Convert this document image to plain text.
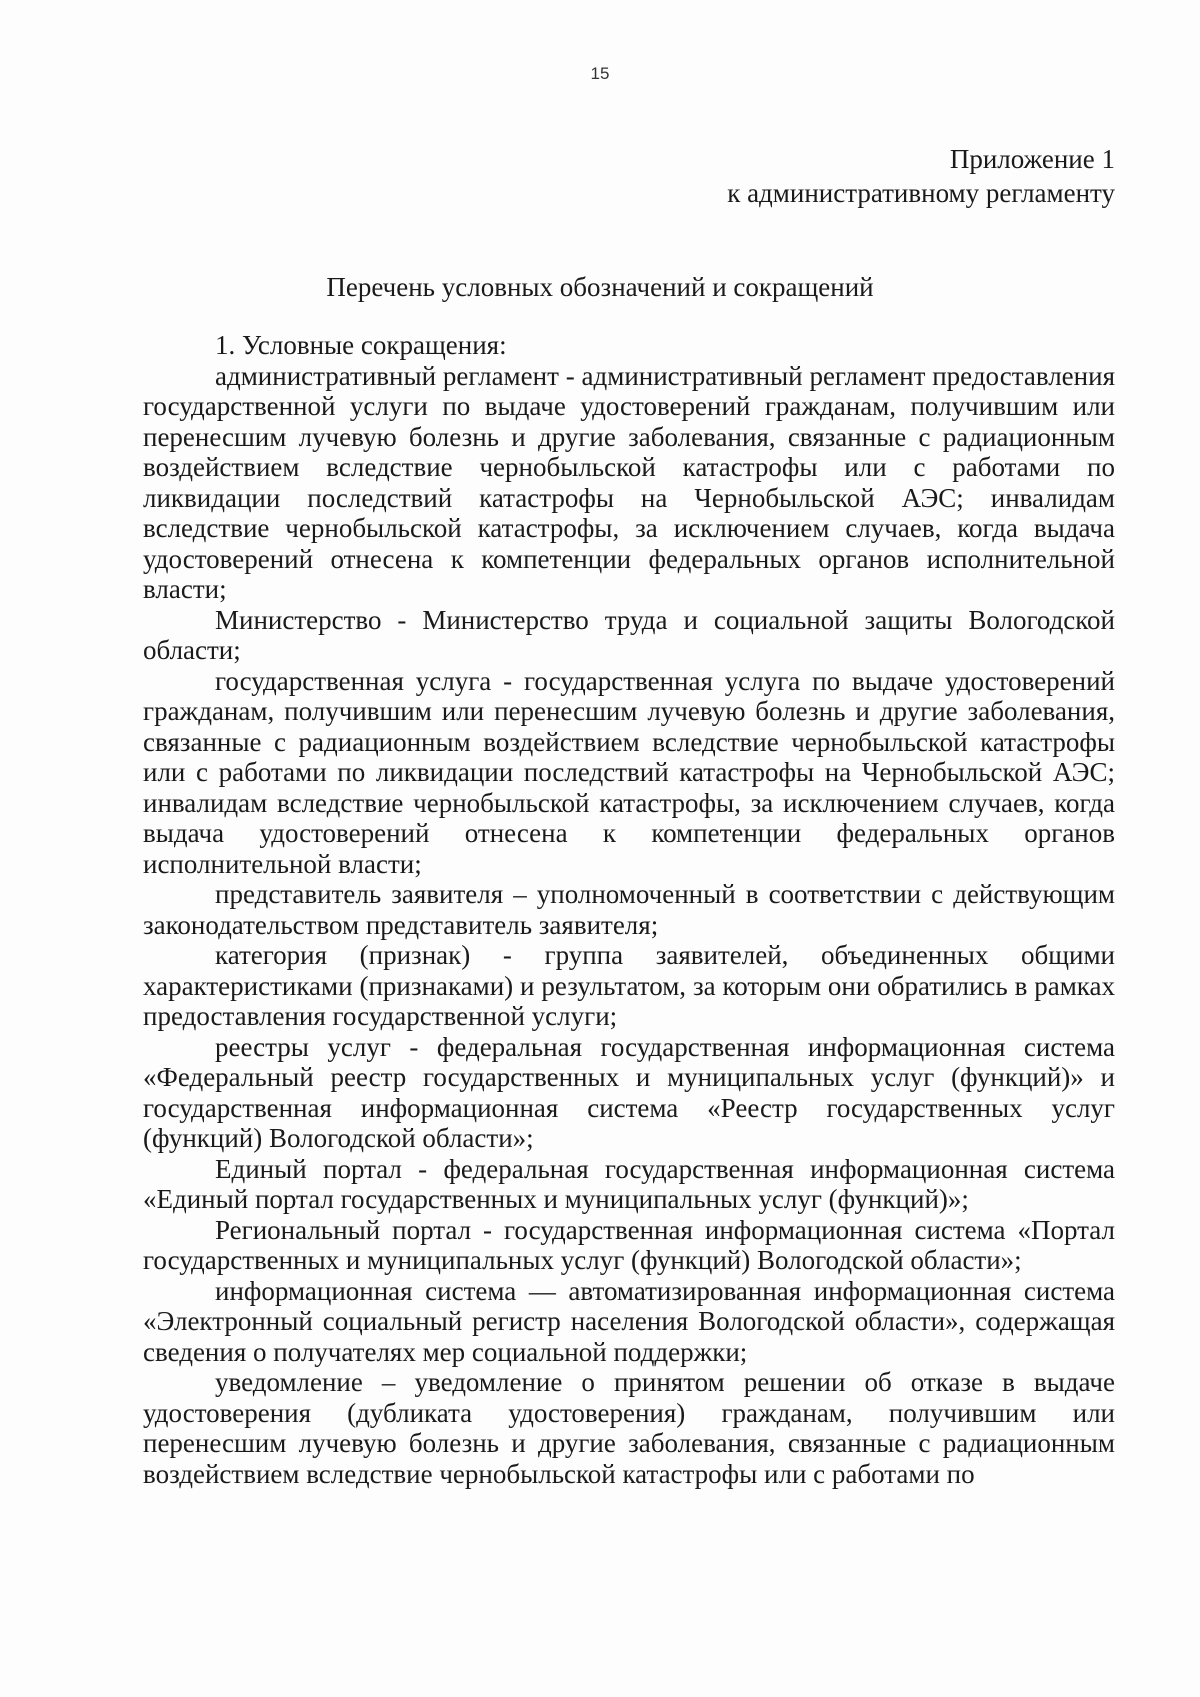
15
Приложение 1
к административному регламенту
Перечень условных обозначений и сокращений

1. Условные сокращения:

административный регламент - административный регламент предоставления государственной услуги по выдаче удостоверений гражданам, получившим или перенесшим лучевую болезнь и другие заболевания, связанные с радиационным воздействием вследствие чернобыльской катастрофы или с работами по ликвидации последствий катастрофы на Чернобыльской АЭС; инвалидам вследствие чернобыльской катастрофы, за исключением случаев, когда выдача удостоверений отнесена к компетенции федеральных органов исполнительной власти;

Министерство - Министерство труда и социальной защиты Вологодской области;

государственная услуга - государственная услуга по выдаче удостоверений гражданам, получившим или перенесшим лучевую болезнь и другие заболевания, связанные с радиационным воздействием вследствие чернобыльской катастрофы или с работами по ликвидации последствий катастрофы на Чернобыльской АЭС; инвалидам вследствие чернобыльской катастрофы, за исключением случаев, когда выдача удостоверений отнесена к компетенции федеральных органов исполнительной власти;

представитель заявителя – уполномоченный в соответствии с действующим законодательством представитель заявителя;

категория (признак) - группа заявителей, объединенных общими характеристиками (признаками) и результатом, за которым они обратились в рамках предоставления государственной услуги;

реестры услуг - федеральная государственная информационная система «Федеральный реестр государственных и муниципальных услуг (функций)» и государственная информационная система «Реестр государственных услуг (функций) Вологодской области»;

Единый портал - федеральная государственная информационная система «Единый портал государственных и муниципальных услуг (функций)»;

Региональный портал - государственная информационная система «Портал государственных и муниципальных услуг (функций) Вологодской области»;

информационная система — автоматизированная информационная система «Электронный социальный регистр населения Вологодской области», содержащая сведения о получателях мер социальной поддержки;

уведомление – уведомление о принятом решении об отказе в выдаче удостоверения (дубликата удостоверения) гражданам, получившим или перенесшим лучевую болезнь и другие заболевания, связанные с радиационным воздействием вследствие чернобыльской катастрофы или с работами по
